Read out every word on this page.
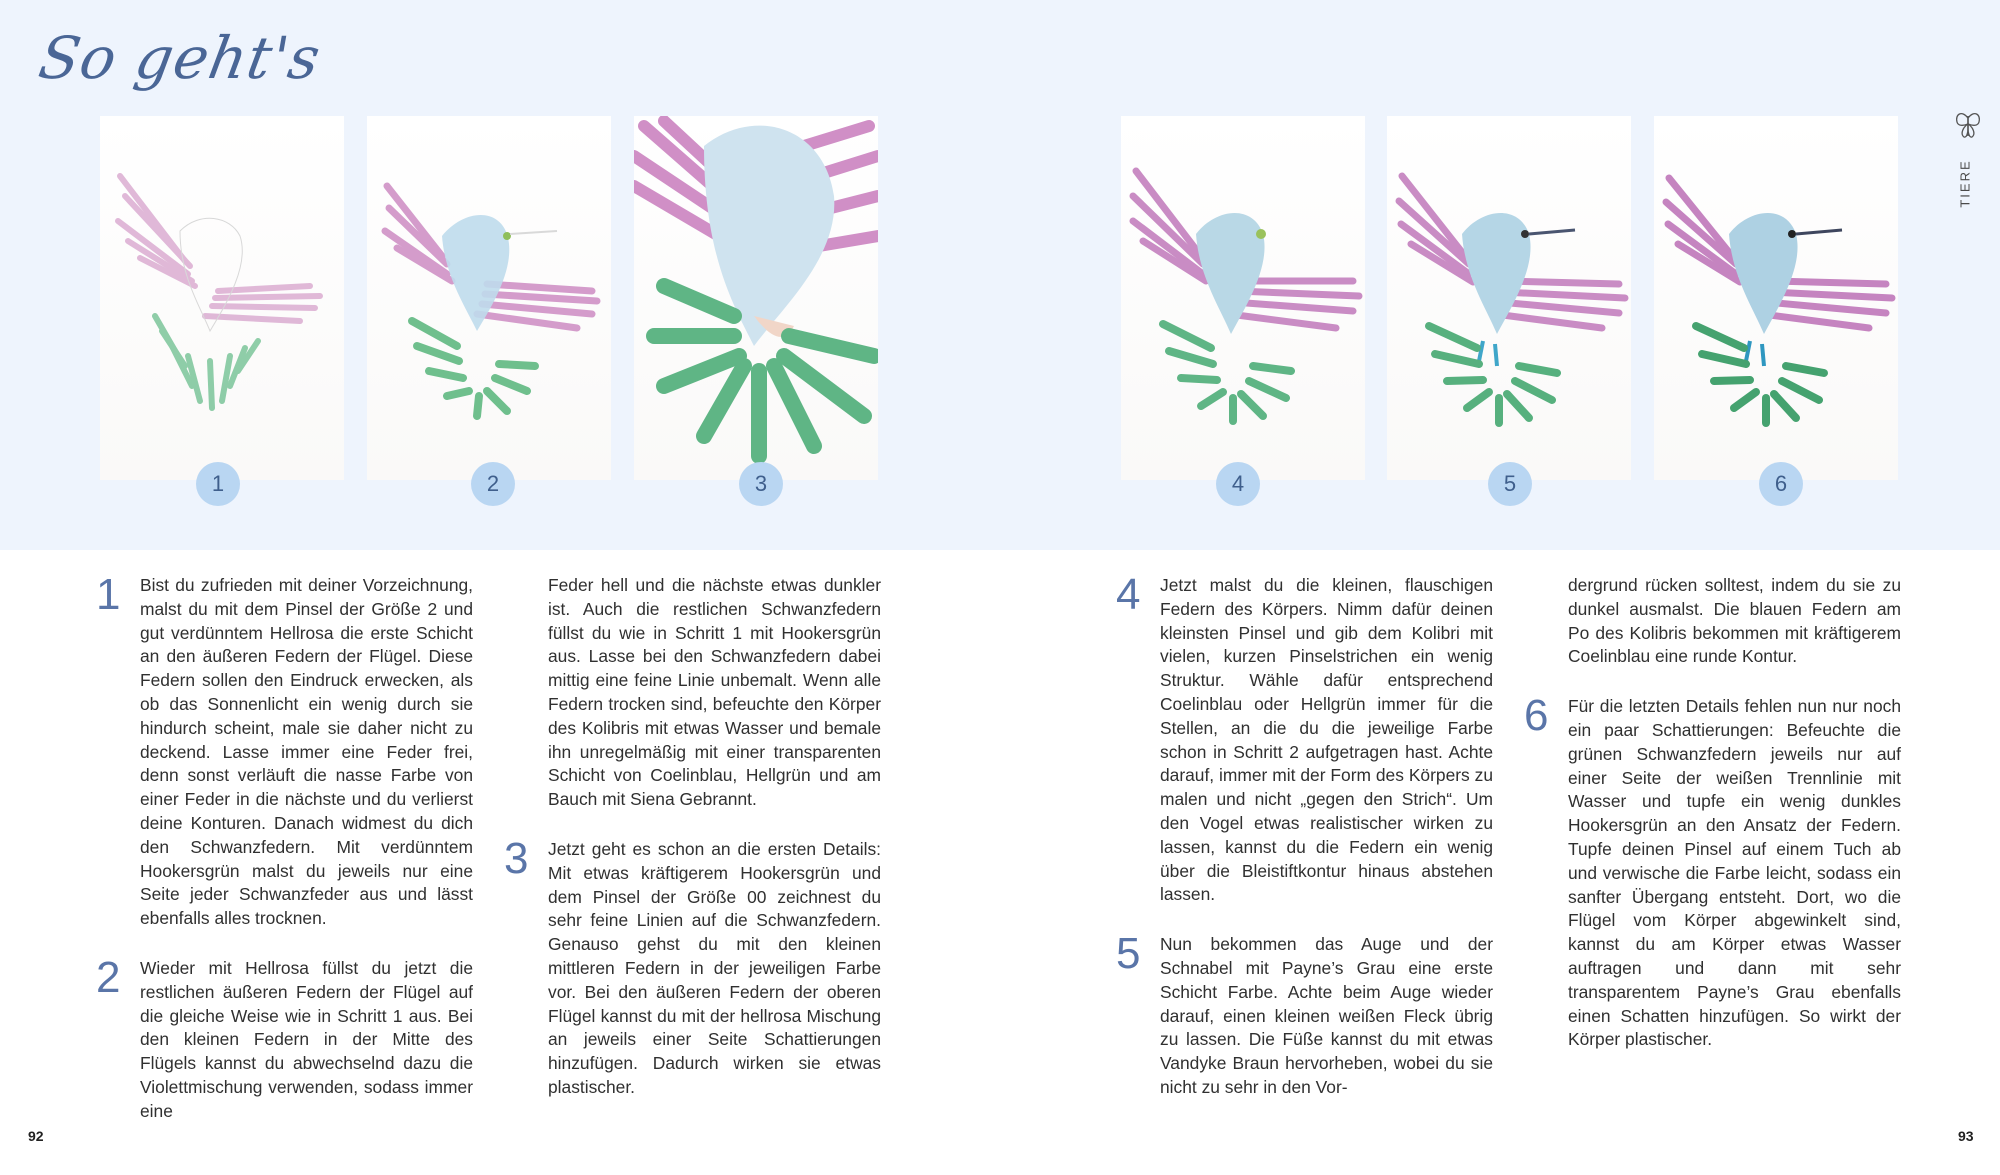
So geht's
TIERE
1	2	3	4	5	6
1 Bist du zufrieden mit deiner Vorzeichnung, malst du mit dem Pinsel der Größe 2 und gut verdünntem Hellrosa die erste Schicht an den äußeren Federn der Flügel. Diese Federn sollen den Eindruck erwecken, als ob das Sonnenlicht ein wenig durch sie hindurch scheint, male sie daher nicht zu deckend. Lasse immer eine Feder frei, denn sonst verläuft die nasse Farbe von einer Feder in die nächste und du verlierst deine Konturen. Danach widmest du dich den Schwanzfedern. Mit verdünntem Hookersgrün malst du jeweils nur eine Seite jeder Schwanzfeder aus und lässt ebenfalls alles trocknen.
2 Wieder mit Hellrosa füllst du jetzt die restlichen äußeren Federn der Flügel auf die gleiche Weise wie in Schritt 1 aus. Bei den kleinen Federn in der Mitte des Flügels kannst du abwechselnd dazu die Violettmischung verwenden, sodass immer eine
Feder hell und die nächste etwas dunkler ist. Auch die restlichen Schwanzfedern füllst du wie in Schritt 1 mit Hookersgrün aus. Lasse bei den Schwanzfedern dabei mittig eine feine Linie unbemalt. Wenn alle Federn trocken sind, befeuchte den Körper des Kolibris mit etwas Wasser und bemale ihn unregelmäßig mit einer transparenten Schicht von Coelinblau, Hellgrün und am Bauch mit Siena Gebrannt.
3 Jetzt geht es schon an die ersten Details: Mit etwas kräftigerem Hookersgrün und dem Pinsel der Größe 00 zeichnest du sehr feine Linien auf die Schwanzfedern. Genauso gehst du mit den kleinen mittleren Federn in der jeweiligen Farbe vor. Bei den äußeren Federn der oberen Flügel kannst du mit der hellrosa Mischung an jeweils einer Seite Schattierungen hinzufügen. Dadurch wirken sie etwas plastischer.
4 Jetzt malst du die kleinen, flauschigen Federn des Körpers. Nimm dafür deinen kleinsten Pinsel und gib dem Kolibri mit vielen, kurzen Pinselstrichen ein wenig Struktur. Wähle dafür entsprechend Coelinblau oder Hellgrün immer für die Stellen, an die du die jeweilige Farbe schon in Schritt 2 aufgetragen hast. Achte darauf, immer mit der Form des Körpers zu malen und nicht „gegen den Strich“. Um den Vogel etwas realistischer wirken zu lassen, kannst du die Federn ein wenig über die Bleistiftkontur hinaus abstehen lassen.
5 Nun bekommen das Auge und der Schnabel mit Payne’s Grau eine erste Schicht Farbe. Achte beim Auge wieder darauf, einen kleinen weißen Fleck übrig zu lassen. Die Füße kannst du mit etwas Vandyke Braun hervorheben, wobei du sie nicht zu sehr in den Vor-
dergrund rücken solltest, indem du sie zu dunkel ausmalst. Die blauen Federn am Po des Kolibris bekommen mit kräftigerem Coelinblau eine runde Kontur.
6 Für die letzten Details fehlen nun nur noch ein paar Schattierungen: Befeuchte die grünen Schwanzfedern jeweils nur auf einer Seite der weißen Trennlinie mit Wasser und tupfe ein wenig dunkles Hookersgrün an den Ansatz der Federn. Tupfe deinen Pinsel auf einem Tuch ab und verwische die Farbe leicht, sodass ein sanfter Übergang entsteht. Dort, wo die Flügel vom Körper abgewinkelt sind, kannst du am Körper etwas Wasser auftragen und dann mit sehr transparentem Payne’s Grau ebenfalls einen Schatten hinzufügen. So wirkt der Körper plastischer.
92	93
